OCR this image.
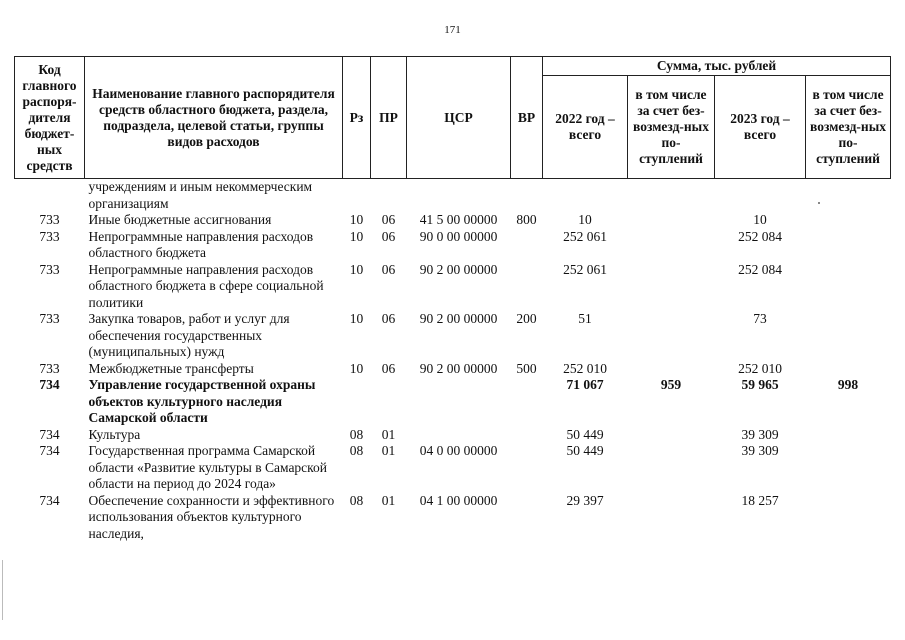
171
Код главного распоря-дителя бюджет-ных средств	Наименование главного распорядителя средств областного бюджета, раздела, подраздела, целевой статьи, группы видов расходов	Рз	ПР	ЦСР	ВР	Сумма, тыс. рублей			
						2022 год – всего	в том числе за счет без-возмезд-ных по-ступлений	2023 год – всего	в том числе за счет без-возмезд-ных по-ступлений
	учреждениям и иным некоммерческим организациям								
733	Иные бюджетные ассигнования	10	06	41 5 00 00000	800	10		10	
733	Непрограммные направления расходов областного бюджета	10	06	90 0 00 00000		252 061		252 084	
733	Непрограммные направления расходов областного бюджета в сфере социальной политики	10	06	90 2 00 00000		252 061		252 084	
733	Закупка товаров, работ и услуг для обеспечения государственных (муниципальных) нужд	10	06	90 2 00 00000	200	51		73	
733	Межбюджетные трансферты	10	06	90 2 00 00000	500	252 010		252 010	
734	Управление государственной охраны объектов культурного наследия Самарской области					71 067	959	59 965	998
734	Культура	08	01			50 449		39 309	
734	Государственная программа Самарской области «Развитие культуры в Самарской области на период до 2024 года»	08	01	04 0 00 00000		50 449		39 309	
734	Обеспечение сохранности и эффективного использования объектов культурного наследия,	08	01	04 1 00 00000		29 397		18 257	
